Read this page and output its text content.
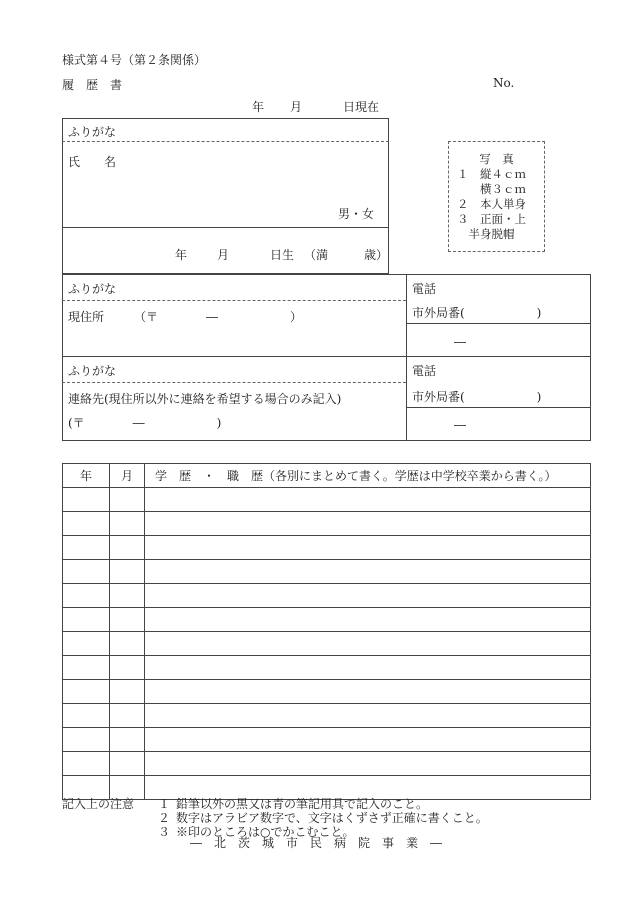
様式第４号（第２条関係）
履　歴　書	No.
年 月	日現在
ふりがな
氏　　名
男・女
年 月	日生 （満　　　歳）
写　真
１　縦４ｃｍ
　　横３ｃｍ
２　本人単身
３　正面・上
　半身脱帽
ふりがな
現住所 （〒　　　　―　　　　　　）
電話
市外局番(　　　　　　)
―
ふりがな
連絡先(現住所以外に連絡を希望する場合のみ記入)
(〒　　　　―　　　　　　)
電話
市外局番(　　　　　　)
―
年	月	学　歴　・　職　歴（各別にまとめて書く。学歴は中学校卒業から書く。）

記入上の注意	１ 鉛筆以外の黒又は青の筆記用具で記入のこと。
２ 数字はアラビア数字で、文字はくずさず正確に書くこと。
３ ※印のところは○でかこむこと。
―　北　茨　城　市　民　病　院　事　業　―
